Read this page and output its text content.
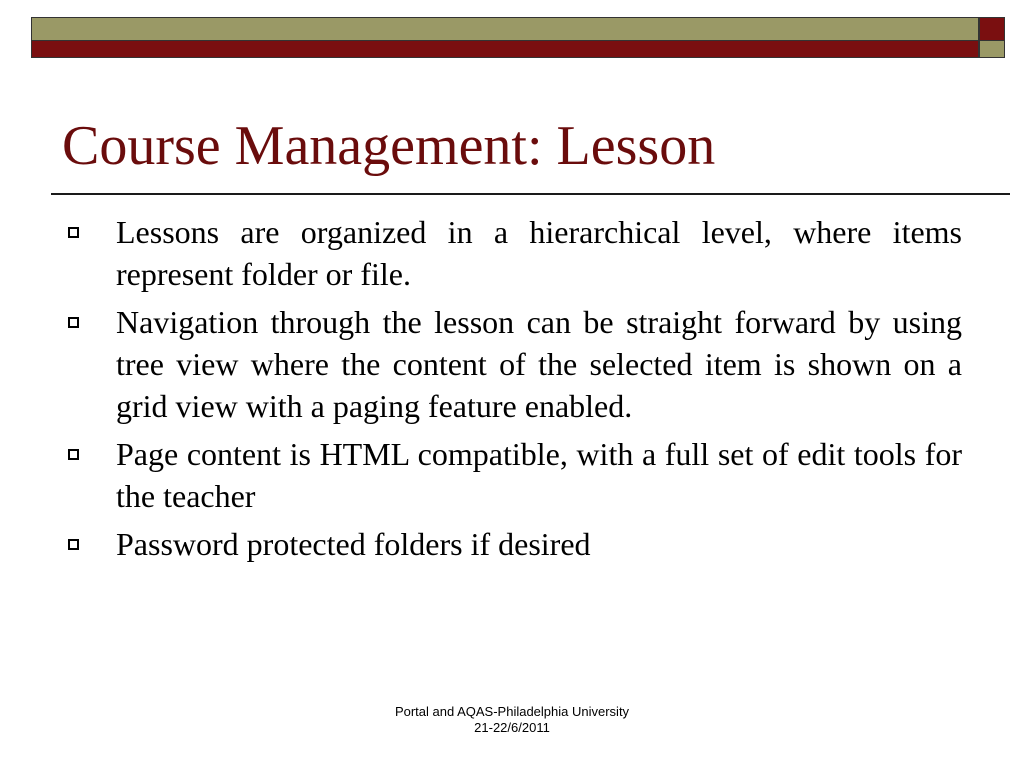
Course Management: Lesson
Lessons are organized in a hierarchical level, where items represent folder or file.
Navigation through the lesson can be straight forward by using tree view where the content of the selected item is shown on a grid view with a paging feature enabled.
Page content is HTML compatible, with a full set of edit tools for the teacher
Password protected folders if desired
Portal and AQAS-Philadelphia University
21-22/6/2011
